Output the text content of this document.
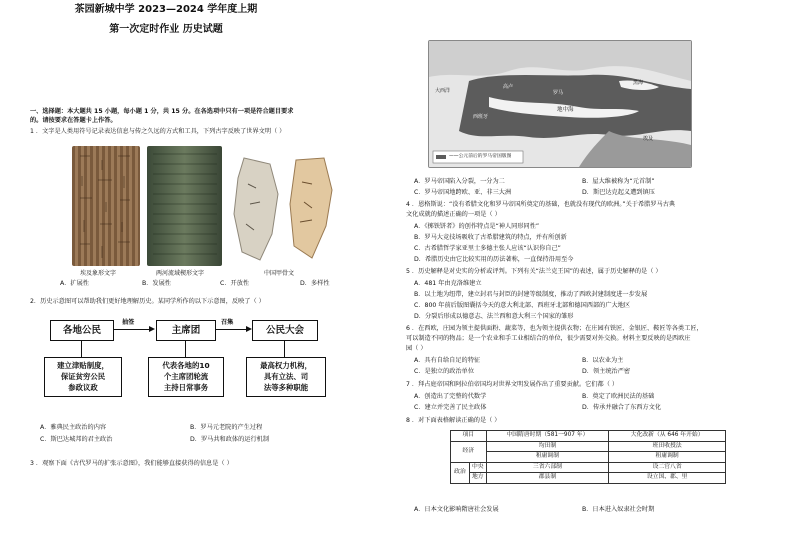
茶园新城中学 2023—2024 学年度上期
第一次定时作业 历史试题
一、选择题：本大题共 15 小题，每小题 1 分，共 15 分。在各选项中只有一项是符合题目要求
的。请按要求在答题卡上作答。
1 ．文字是人类用符号记录表达信息与传之久远的方式和工具，下列古字反映了世界文明（ ）
埃及象形文字	两河流域楔形文字	中国甲骨文
A．扩展性	B．发展性	C．开放性	D．多样性
2．历史示意图可以帮助我们更好地理解历史。某同学所作的以下示意图，反映了（ ）
各地公民	主席团	公民大会
抽签	召集
建立津贴制度，
保证贫穷公民
参政议政
代表各地的10
个主席团轮流
主持日常事务
最高权力机构，
具有立法、司
法等多种职能
A．雅典民主政治的内容	B．罗马元老院的产生过程
C．斯巴达城邦的君主政治	D．罗马共和政体的运行机制
3 ．观察下面《古代罗马的扩张示意图》，我们能够直接获得的信息是（ ）
——公元前后的罗马帝国版图
大西洋
高卢
西班牙
罗马
地中海
埃及
黑海
A．罗马帝国陷入分裂，一分为二	B．屋大维被称为“元首制”
C．罗马帝国地跨欧、亚、非三大洲	D．斯巴达克起义遭到镇压
4 ．恩格斯说：“没有希腊文化和罗马帝国所奠定的基础，也就没有现代的欧洲。”关于希腊罗马古典
文化成就的描述正确的一项是（ ）
A．《掷铁饼者》的创作特点是“神人同形同性”
B．罗马大竞技场吸收了古希腊建筑的特点，并有所创新
C．古希腊哲学家亚里士多德主张人应该“认识你自己”
D．希腊历史由它比较实用的历法著称，一直保持沿用至今
5 ．历史解释是对史实的分析或评判。下列有关“法兰克王国”的表述，属于历史解释的是（ ）
A．481 年由克洛维建立
B．以土地为纽带，建立封君与封臣的封建等级制度，推动了西欧封建制度进一步发展
C．800 年前后版图囊括今天的意大利北部、西班牙北部和德国西部的广大地区
D．分裂后形成以德意志、法兰西和意大利三个国家的雏形
6 ．在西欧，庄园为领主提供面粉、蔬菜等，也为领主提供衣物；在庄园有铁匠、金银匠、鞍匠等各类工匠，
可以制造不同的物品；是一个农业和手工业相结合的单位，很少需要对外交换。材料主要反映的是西欧庄
园（ ）
A．具有自给自足的特征	B．以农业为主
C．是独立的政治单位	D．领主统治严密
7 ．拜占庭帝国和阿拉伯帝国均对世界文明发展作出了重要贡献。它们都（ ）
A．创造出了完整的代数学	B．奠定了欧洲民法的基础
C．建立并完善了民主政体	D．传承并融合了东西方文化
8 ．对下面表格解读正确的是（ ）
项目		中国隋唐时期（581一907 年）	大化改新（从 646 年开始）
经济		均田制	班田收授法
		租庸调制	租庸调制
政治	中央	三省六部制	设二官八省
	地方	郡县制	设立国、郡、里
A．日本文化影响隋唐社会发展	B．日本进入奴隶社会时期
